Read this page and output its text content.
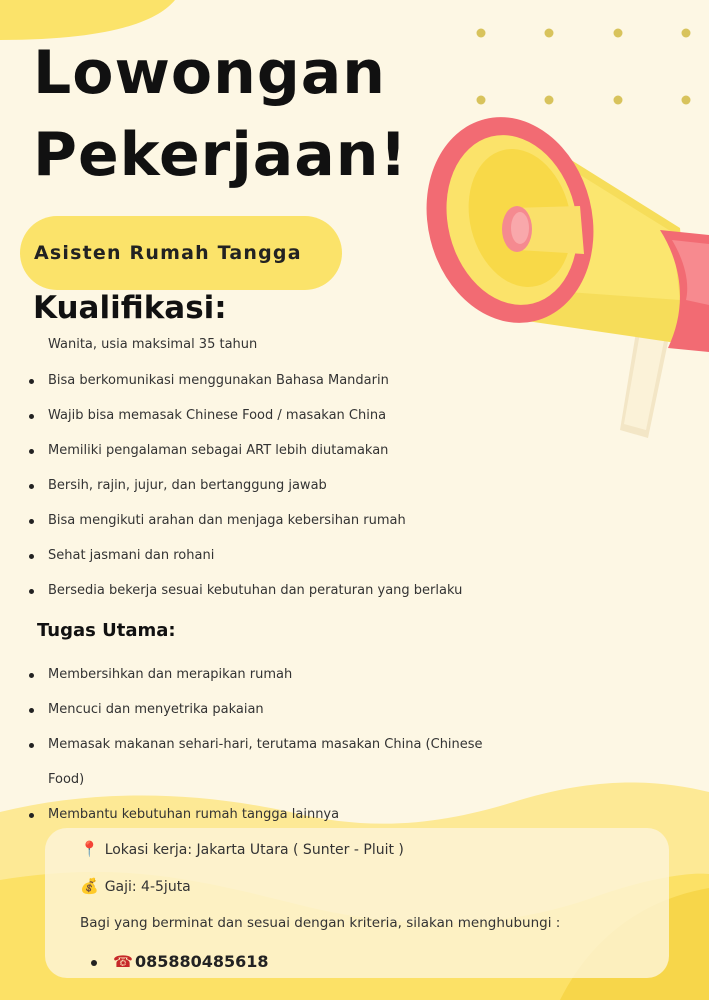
Lowongan
Pekerjaan!
Asisten Rumah Tangga
Kualifikasi:

Wanita, usia maksimal 35 tahun

Bisa berkomunikasi menggunakan Bahasa Mandarin
Wajib bisa memasak Chinese Food / masakan China
Memiliki pengalaman sebagai ART lebih diutamakan
Bersih, rajin, jujur, dan bertanggung jawab
Bisa mengikuti arahan dan menjaga kebersihan rumah
Sehat jasmani dan rohani
Bersedia bekerja sesuai kebutuhan dan peraturan yang berlaku
Tugas Utama:
Membersihkan dan merapikan rumah
Mencuci dan menyetrika pakaian
Memasak makanan sehari-hari, terutama masakan China (Chinese Food)
Membantu kebutuhan rumah tangga lainnya
📍 Lokasi kerja: Jakarta Utara ( Sunter - Pluit )
💰 Gaji: 4-5juta
Bagi yang berminat dan sesuai dengan kriteria, silakan menghubungi :
☎ 085880485618
